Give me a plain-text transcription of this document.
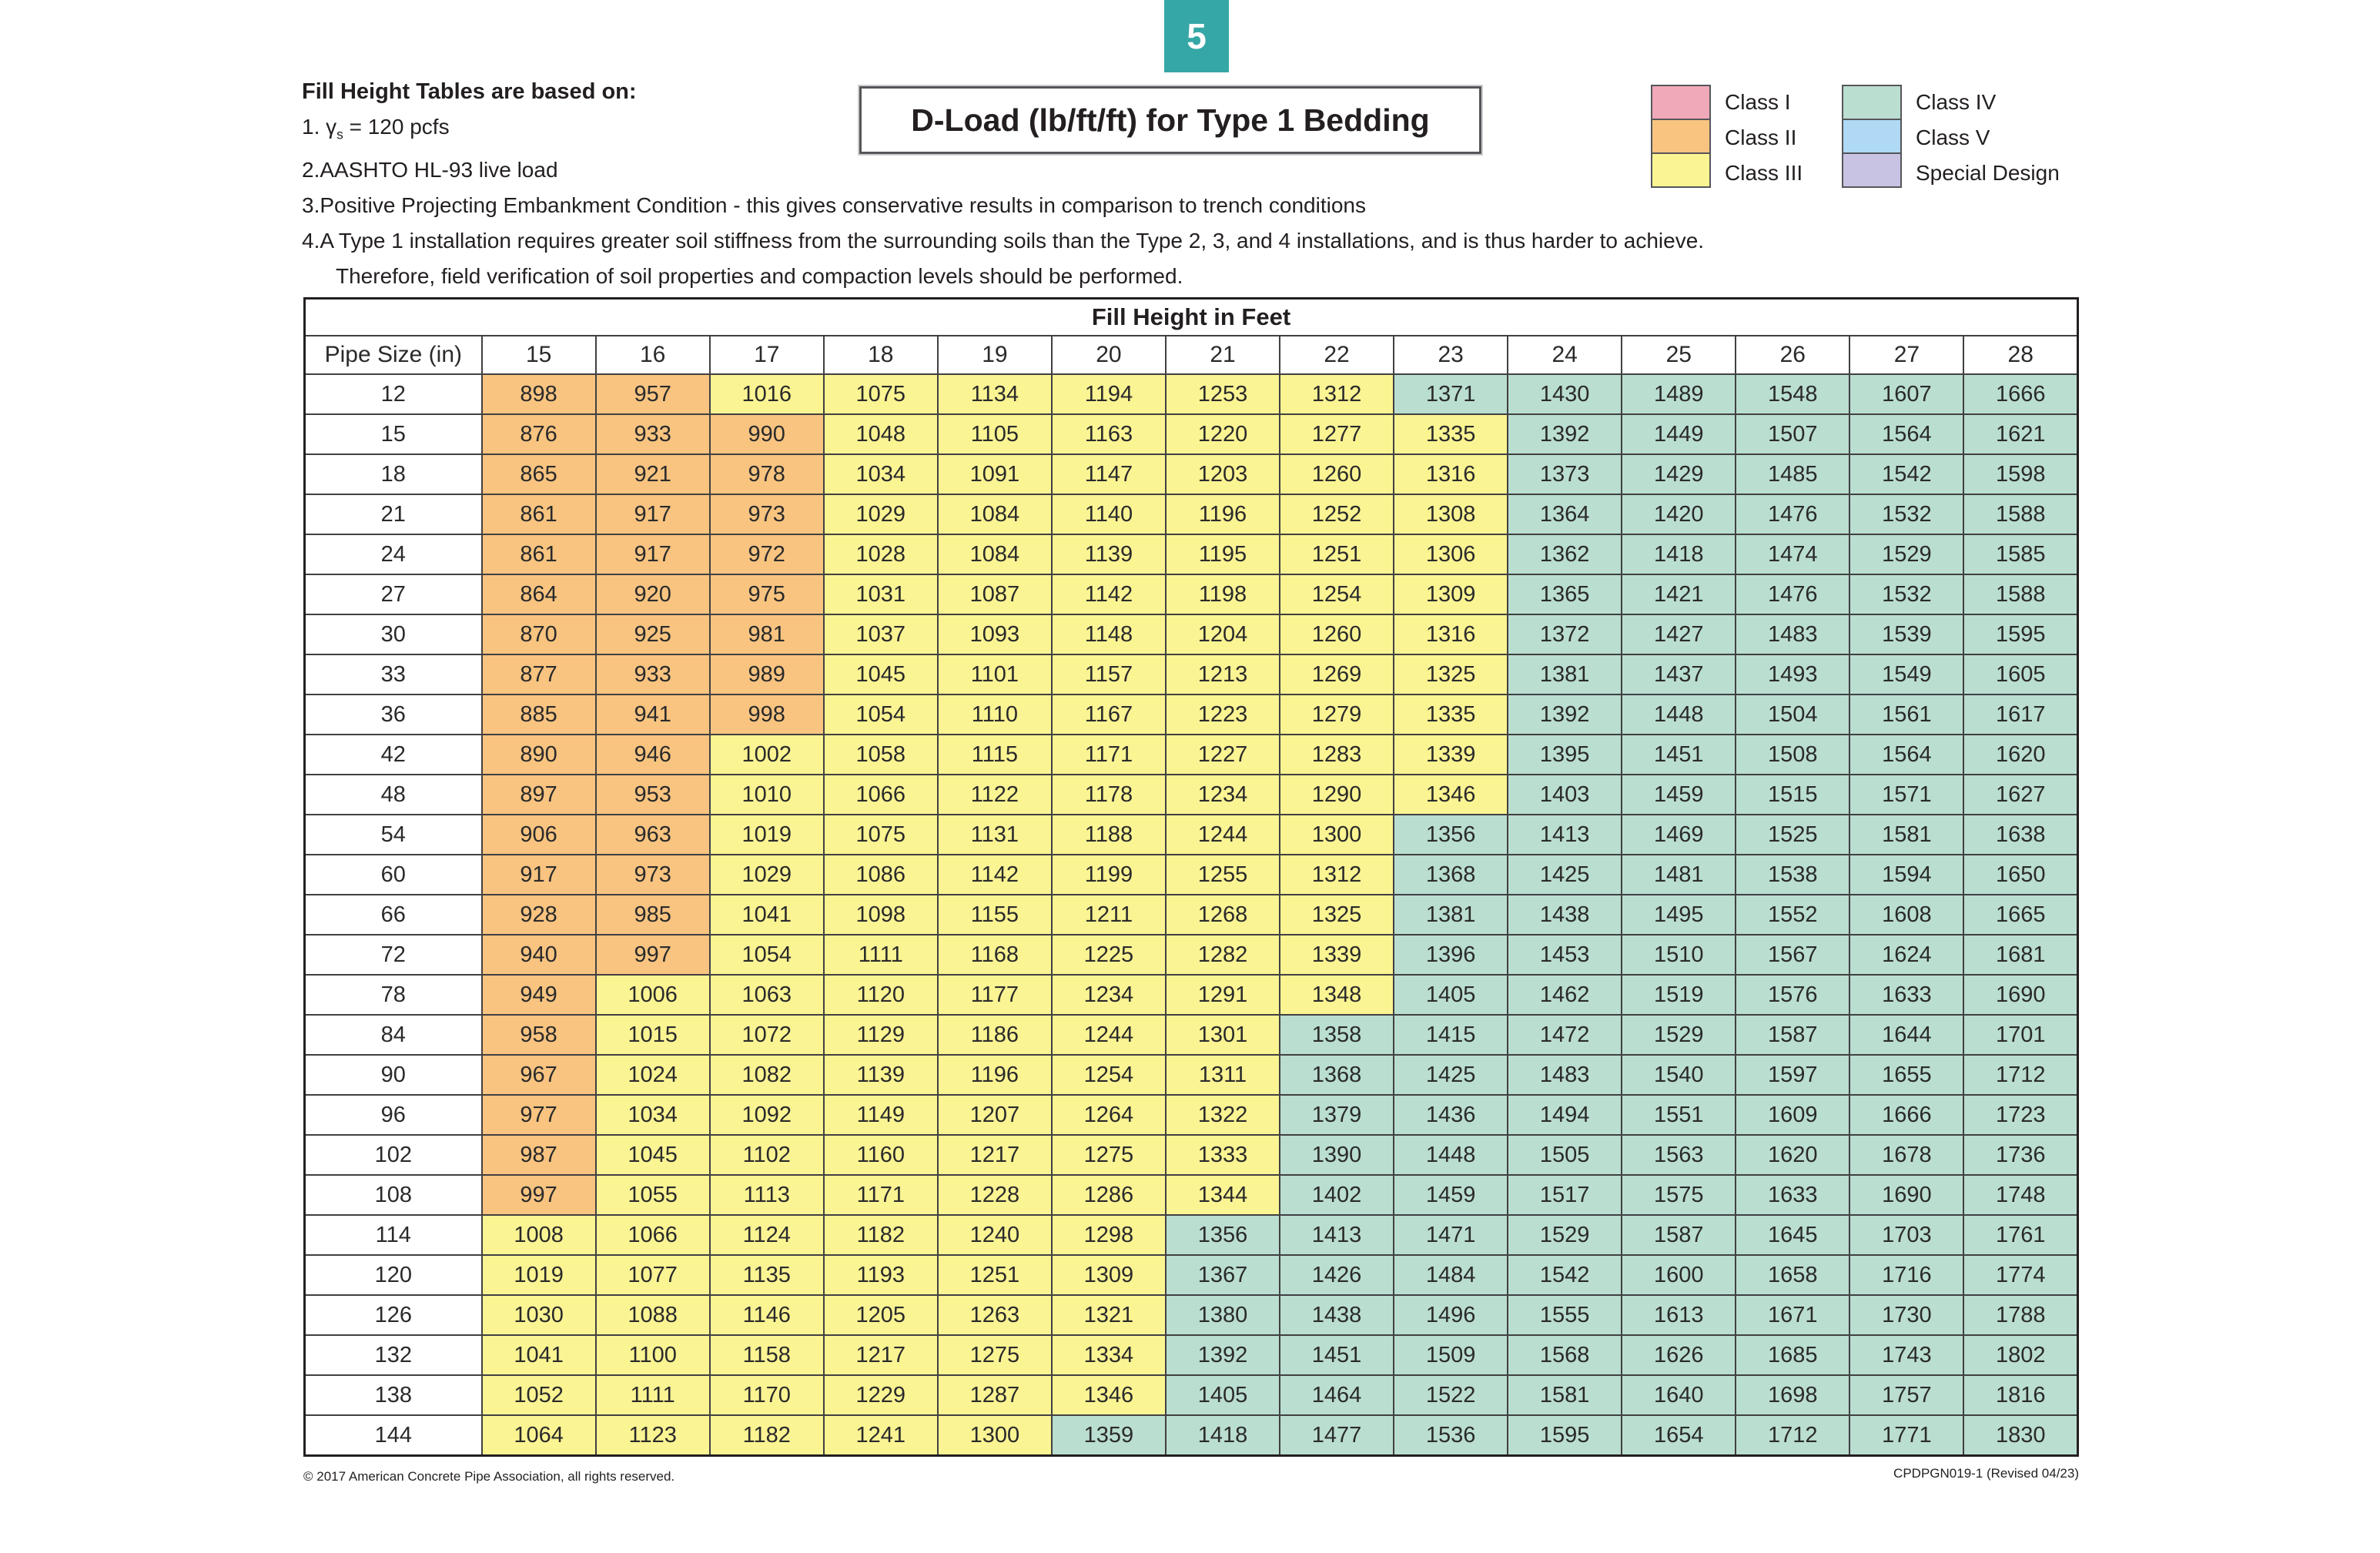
5
Fill Height Tables are based on:
1. $\gamma_s = 120$ pcfs
2.AASHTO HL-93 live load
3.Positive Projecting Embankment Condition - this gives conservative results in comparison to trench conditions
4.A Type 1 installation requires greater soil stiffness from the surrounding soils than the Type 2, 3, and 4 installations, and is thus harder to achieve.
Therefore, field verification of soil properties and compaction levels should be performed.
D-Load (lb/ft/ft) for Type 1 Bedding	Class I
Class II
Class III
Class IV
Class V
Special Design
Fill Height in Feet														
Pipe Size (in)	15	16	17	18	19	20	21	22	23	24	25	26	27	28
12	898	957	1016	1075	1134	1194	1253	1312	1371	1430	1489	1548	1607	1666
15	876	933	990	1048	1105	1163	1220	1277	1335	1392	1449	1507	1564	1621
18	865	921	978	1034	1091	1147	1203	1260	1316	1373	1429	1485	1542	1598
21	861	917	973	1029	1084	1140	1196	1252	1308	1364	1420	1476	1532	1588
24	861	917	972	1028	1084	1139	1195	1251	1306	1362	1418	1474	1529	1585
27	864	920	975	1031	1087	1142	1198	1254	1309	1365	1421	1476	1532	1588
30	870	925	981	1037	1093	1148	1204	1260	1316	1372	1427	1483	1539	1595
33	877	933	989	1045	1101	1157	1213	1269	1325	1381	1437	1493	1549	1605
36	885	941	998	1054	1110	1167	1223	1279	1335	1392	1448	1504	1561	1617
42	890	946	1002	1058	1115	1171	1227	1283	1339	1395	1451	1508	1564	1620
48	897	953	1010	1066	1122	1178	1234	1290	1346	1403	1459	1515	1571	1627
54	906	963	1019	1075	1131	1188	1244	1300	1356	1413	1469	1525	1581	1638
60	917	973	1029	1086	1142	1199	1255	1312	1368	1425	1481	1538	1594	1650
66	928	985	1041	1098	1155	1211	1268	1325	1381	1438	1495	1552	1608	1665
72	940	997	1054	1111	1168	1225	1282	1339	1396	1453	1510	1567	1624	1681
78	949	1006	1063	1120	1177	1234	1291	1348	1405	1462	1519	1576	1633	1690
84	958	1015	1072	1129	1186	1244	1301	1358	1415	1472	1529	1587	1644	1701
90	967	1024	1082	1139	1196	1254	1311	1368	1425	1483	1540	1597	1655	1712
96	977	1034	1092	1149	1207	1264	1322	1379	1436	1494	1551	1609	1666	1723
102	987	1045	1102	1160	1217	1275	1333	1390	1448	1505	1563	1620	1678	1736
108	997	1055	1113	1171	1228	1286	1344	1402	1459	1517	1575	1633	1690	1748
114	1008	1066	1124	1182	1240	1298	1356	1413	1471	1529	1587	1645	1703	1761
120	1019	1077	1135	1193	1251	1309	1367	1426	1484	1542	1600	1658	1716	1774
126	1030	1088	1146	1205	1263	1321	1380	1438	1496	1555	1613	1671	1730	1788
132	1041	1100	1158	1217	1275	1334	1392	1451	1509	1568	1626	1685	1743	1802
138	1052	1111	1170	1229	1287	1346	1405	1464	1522	1581	1640	1698	1757	1816
144	1064	1123	1182	1241	1300	1359	1418	1477	1536	1595	1654	1712	1771	1830
© 2017 American Concrete Pipe Association, all rights reserved.	CPDPGN019-1 (Revised 04/23)
